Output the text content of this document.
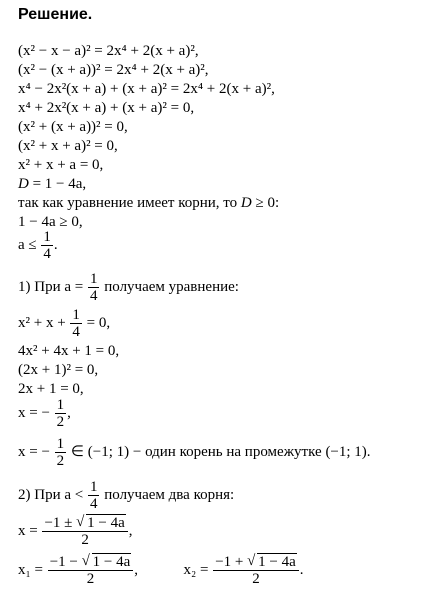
Решение.
(x² − x − a)² = 2x⁴ + 2(x + a)²,
(x² − (x + a))² = 2x⁴ + 2(x + a)²,
x⁴ − 2x²(x + a) + (x + a)² = 2x⁴ + 2(x + a)²,
x⁴ + 2x²(x + a) + (x + a)² = 0,
(x² + (x + a))² = 0,
(x² + x + a)² = 0,
x² + x + a = 0,
D = 1 − 4a,
так как уравнение имеет корни, то D ≥ 0:
1 − 4a ≥ 0,
$a \le \frac{1}{4}$ .
1) При $a = \frac{1}{4}$ получаем уравнение:
$x^2 + x + \frac{1}{4} = 0$,
4x² + 4x + 1 = 0,
(2x + 1)² = 0,
2x + 1 = 0,
x = − $\frac{1}{2}$ ,
x = − $\frac{1}{2}$ ∈ (−1; 1) − один корень на промежутке (−1; 1).
2) При $a < \frac{1}{4}$ получаем два корня:
$x = \frac{-1 \pm √ 1 - 4a}{2}$ ,
$x_1 = \frac{-1 - √ 1 - 4a}{2}$ ,	$x_2 = \frac{-1 + √ 1 - 4a}{2}$ .
